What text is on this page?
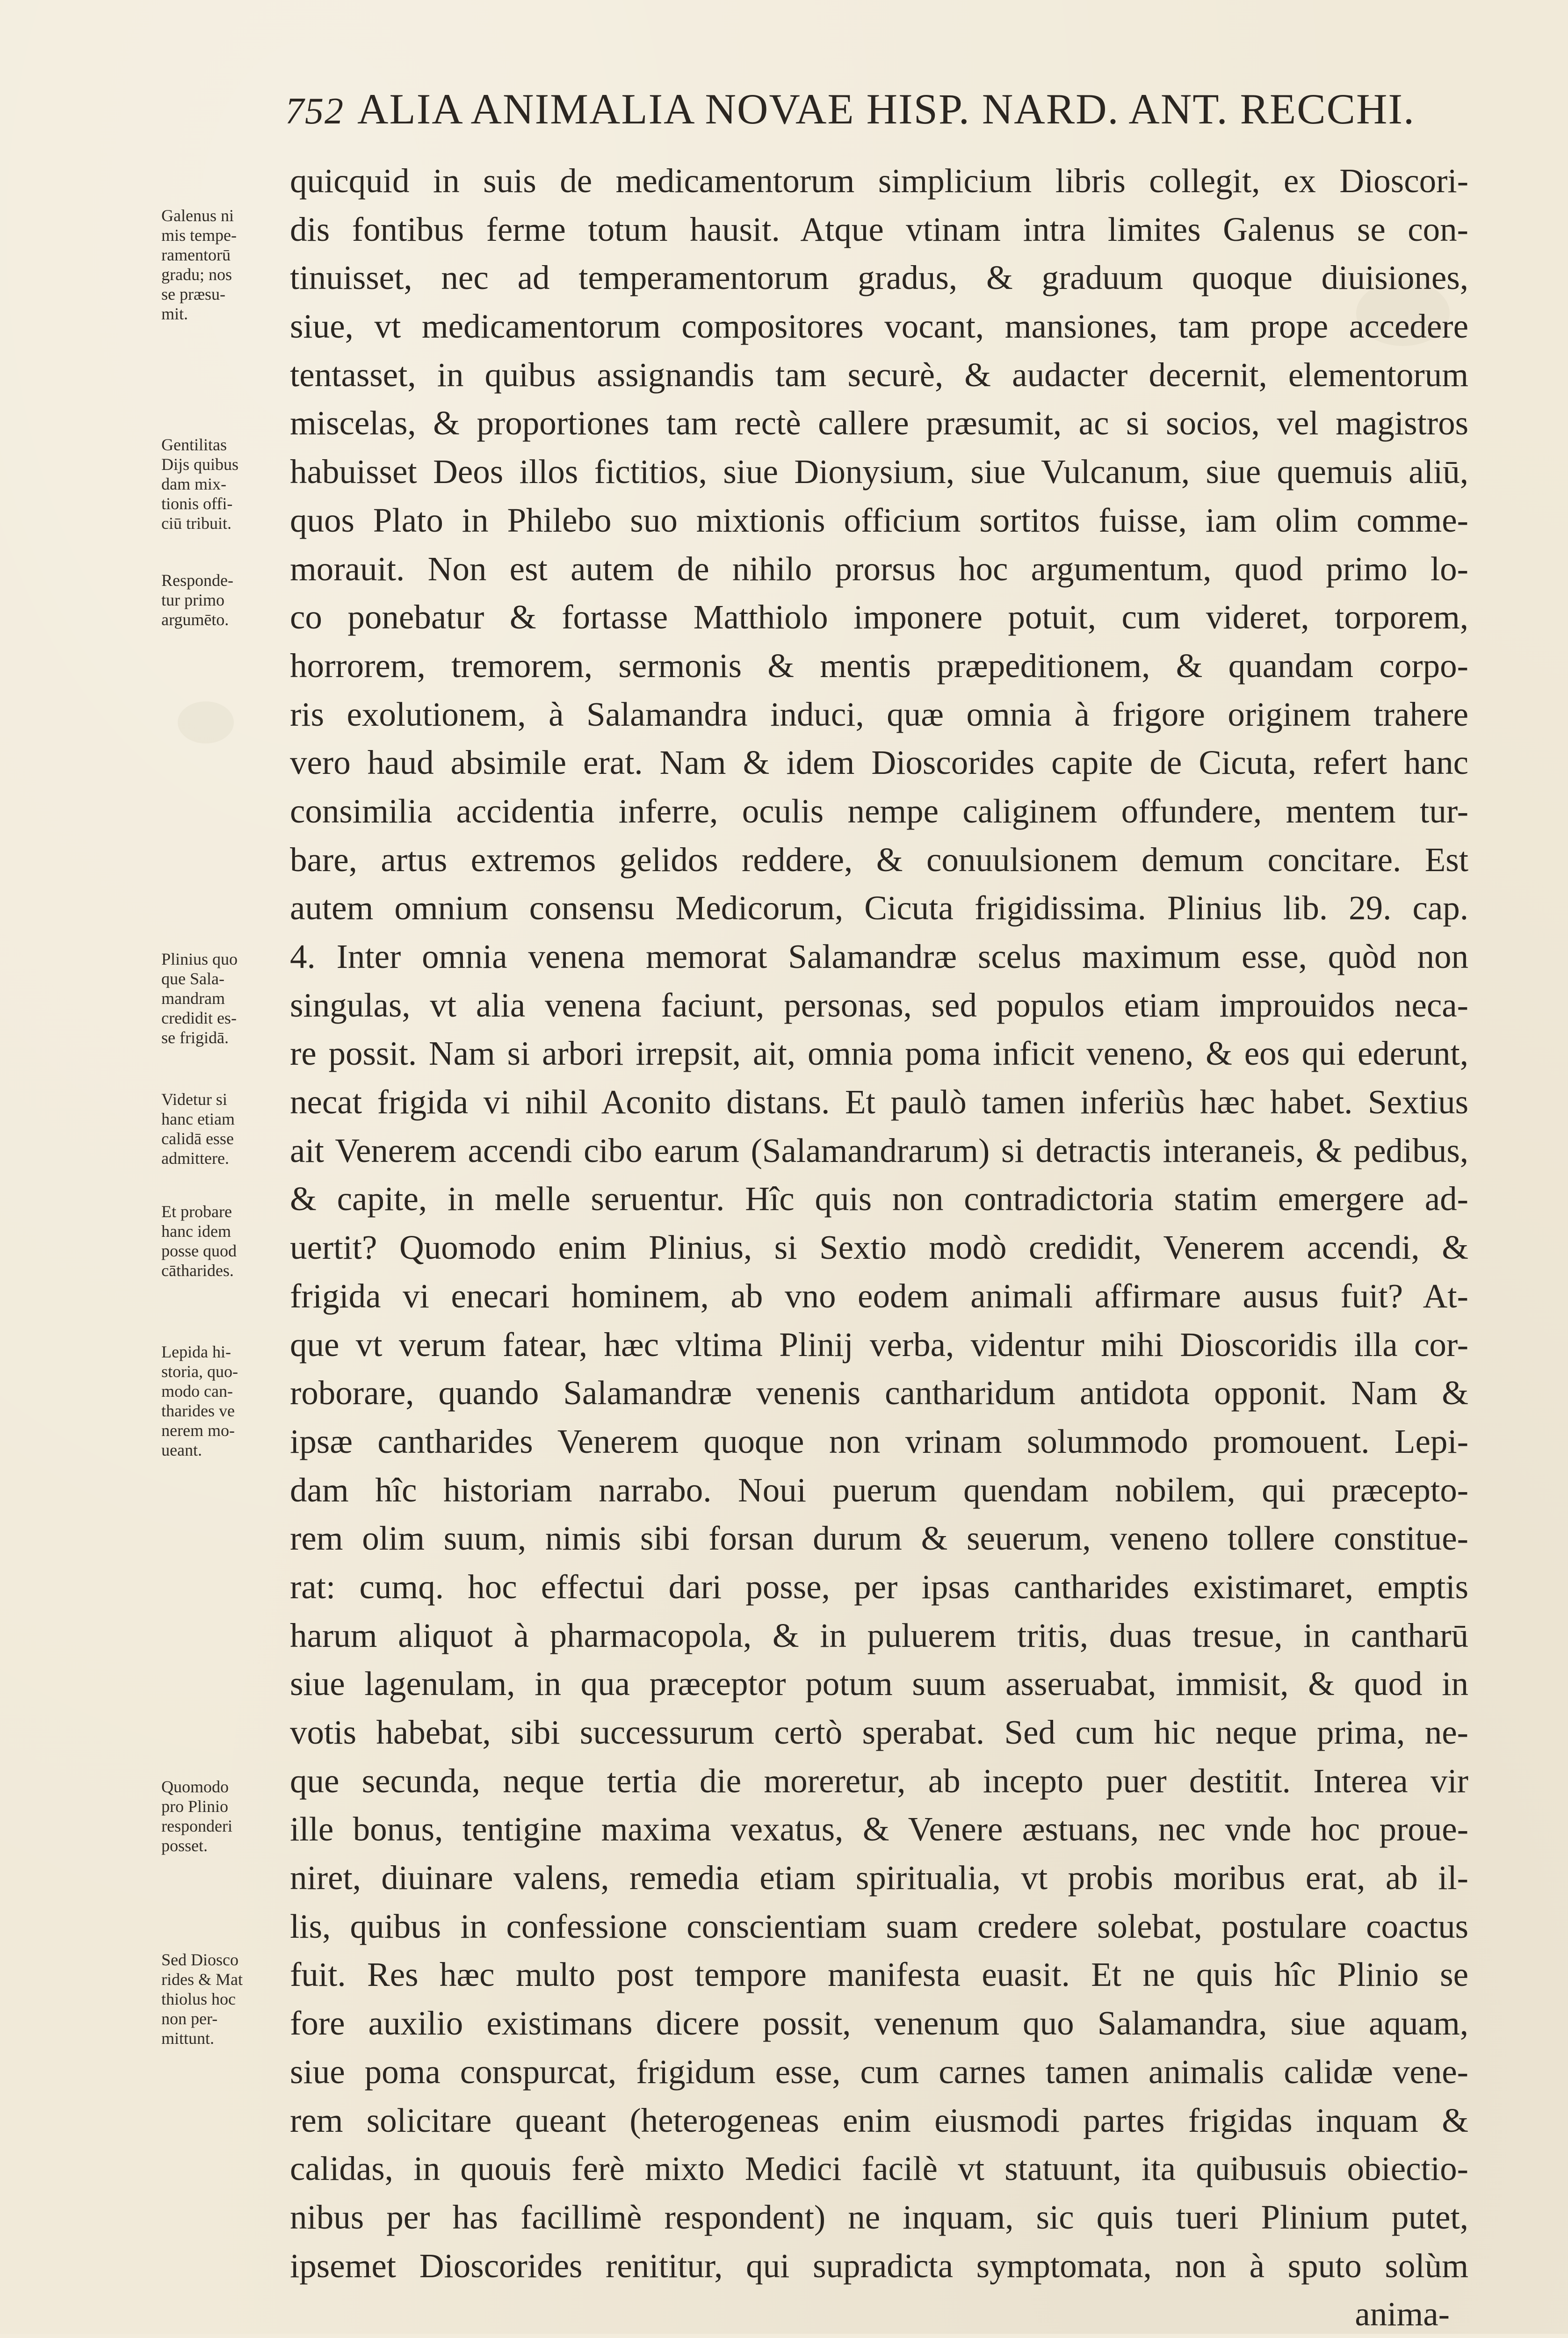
752 ALIA ANIMALIA NOVAE HISP. NARD. ANT. RECCHI.
Galenus ni
mis tempe-
ramentorū
gradu; nos
se præsu-
mit.
Gentilitas
Dijs quibus
dam mix-
tionis offi-
ciū tribuit.
Responde-
tur primo
argumēto.
Plinius quo
que Sala-
mandram
credidit es-
se frigidā.
Videtur si
hanc etiam
calidā esse
admittere.
Et probare
hanc idem
posse quod
cātharides.
Lepida hi-
storia, quo-
modo can-
tharides ve
nerem mo-
ueant.
Quomodo
pro Plinio
responderi
posset.
Sed Diosco
rides & Mat
thiolus hoc
non per-
mittunt.
quicquid in suis de medicamentorum simplicium libris collegit, ex Dioscori-
dis fontibus ferme totum hausit. Atque vtinam intra limites Galenus se con-
tinuisset, nec ad temperamentorum gradus, & graduum quoque diuisiones,
siue, vt medicamentorum compositores vocant, mansiones, tam prope accedere
tentasset, in quibus assignandis tam securè, & audacter decernit, elementorum
miscelas, & proportiones tam rectè callere præsumit, ac si socios, vel magistros
habuisset Deos illos fictitios, siue Dionysium, siue Vulcanum, siue quemuis aliū,
quos Plato in Philebo suo mixtionis officium sortitos fuisse, iam olim comme-
morauit. Non est autem de nihilo prorsus hoc argumentum, quod primo lo-
co ponebatur & fortasse Matthiolo imponere potuit, cum videret, torporem,
horrorem, tremorem, sermonis & mentis præpeditionem, & quandam corpo-
ris exolutionem, à Salamandra induci, quæ omnia à frigore originem trahere
vero haud absimile erat. Nam & idem Dioscorides capite de Cicuta, refert hanc
consimilia accidentia inferre, oculis nempe caliginem offundere, mentem tur-
bare, artus extremos gelidos reddere, & conuulsionem demum concitare. Est
autem omnium consensu Medicorum, Cicuta frigidissima. Plinius lib. 29. cap.
4. Inter omnia venena memorat Salamandræ scelus maximum esse, quòd non
singulas, vt alia venena faciunt, personas, sed populos etiam improuidos neca-
re possit. Nam si arbori irrepsit, ait, omnia poma inficit veneno, & eos qui ederunt,
necat frigida vi nihil Aconito distans. Et paulò tamen inferiùs hæc habet. Sextius
ait Venerem accendi cibo earum (Salamandrarum) si detractis interaneis, & pedibus,
& capite, in melle seruentur. Hîc quis non contradictoria statim emergere ad-
uertit? Quomodo enim Plinius, si Sextio modò credidit, Venerem accendi, &
frigida vi enecari hominem, ab vno eodem animali affirmare ausus fuit? At-
que vt verum fatear, hæc vltima Plinij verba, videntur mihi Dioscoridis illa cor-
roborare, quando Salamandræ venenis cantharidum antidota opponit. Nam &
ipsæ cantharides Venerem quoque non vrinam solummodo promouent. Lepi-
dam hîc historiam narrabo. Noui puerum quendam nobilem, qui præcepto-
rem olim suum, nimis sibi forsan durum & seuerum, veneno tollere constitue-
rat: cumq. hoc effectui dari posse, per ipsas cantharides existimaret, emptis
harum aliquot à pharmacopola, & in puluerem tritis, duas tresue, in cantharū
siue lagenulam, in qua præceptor potum suum asseruabat, immisit, & quod in
votis habebat, sibi successurum certò sperabat. Sed cum hic neque prima, ne-
que secunda, neque tertia die moreretur, ab incepto puer destitit. Interea vir
ille bonus, tentigine maxima vexatus, & Venere æstuans, nec vnde hoc proue-
niret, diuinare valens, remedia etiam spiritualia, vt probis moribus erat, ab il-
lis, quibus in confessione conscientiam suam credere solebat, postulare coactus
fuit. Res hæc multo post tempore manifesta euasit. Et ne quis hîc Plinio se
fore auxilio existimans dicere possit, venenum quo Salamandra, siue aquam,
siue poma conspurcat, frigidum esse, cum carnes tamen animalis calidæ vene-
rem solicitare queant (heterogeneas enim eiusmodi partes frigidas inquam &
calidas, in quouis ferè mixto Medici facilè vt statuunt, ita quibusuis obiectio-
nibus per has facillimè respondent) ne inquam, sic quis tueri Plinium putet,
ipsemet Dioscorides renititur, qui supradicta symptomata, non à sputo solùm
anima-
